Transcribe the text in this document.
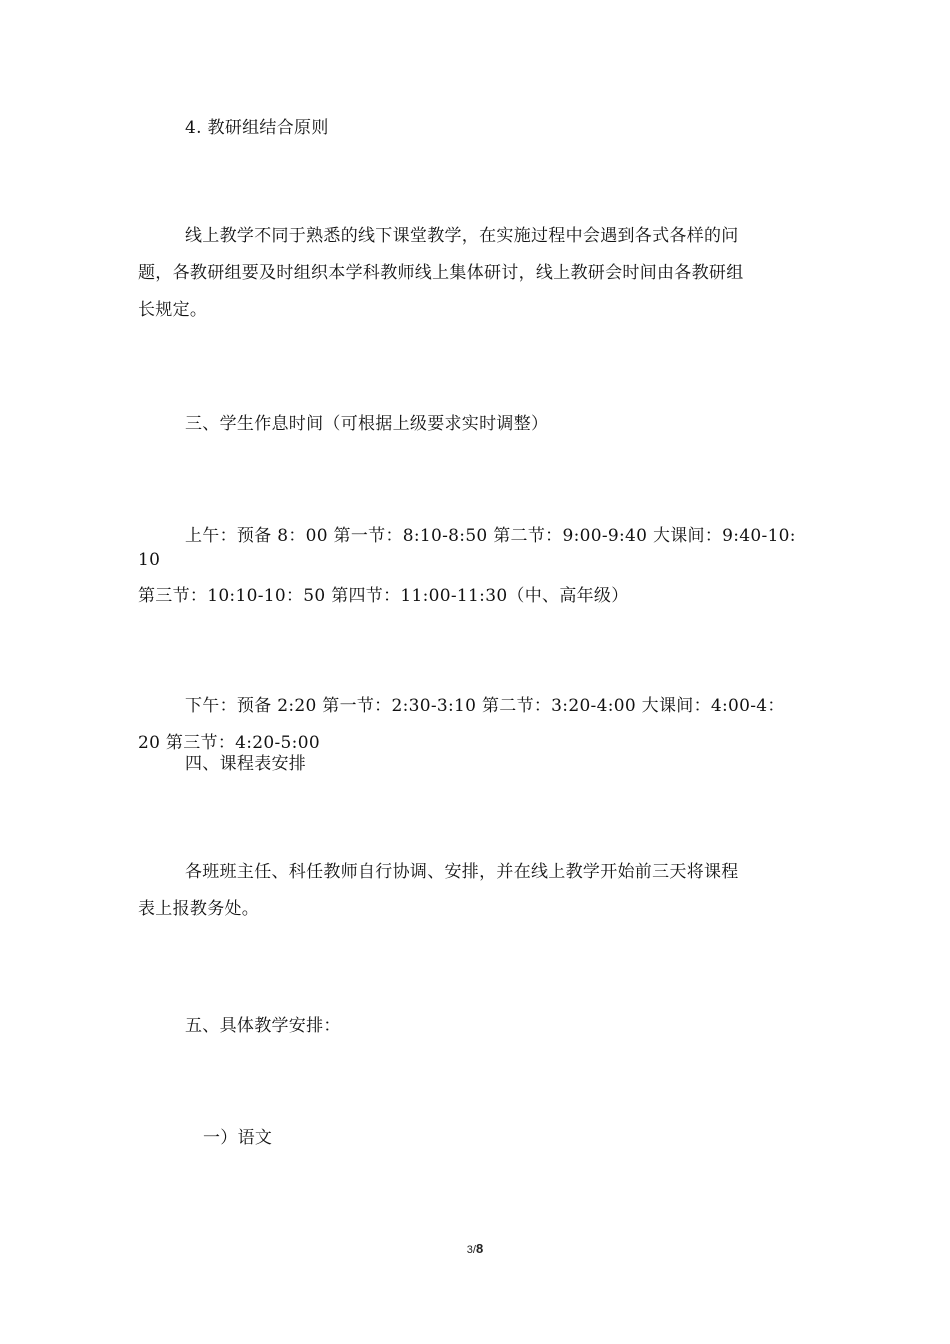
4. 教研组结合原则
线上教学不同于熟悉的线下课堂教学，在实施过程中会遇到各式各样的问
题，各教研组要及时组织本学科教师线上集体研讨，线上教研会时间由各教研组
长规定。
三、学生作息时间（可根据上级要求实时调整）
上午：预备 8：00 第一节：8:10-8:50 第二节：9:00-9:40 大课间：9:40-10:
10
第三节：10:10-10：50 第四节：11:00-11:30（中、高年级）
下午：预备 2:20 第一节：2:30-3:10 第二节：3:20-4:00 大课间：4:00-4：
20 第三节：4:20-5:00
四、课程表安排
各班班主任、科任教师自行协调、安排，并在线上教学开始前三天将课程
表上报教务处。
五、具体教学安排：
一）语文
3/8
